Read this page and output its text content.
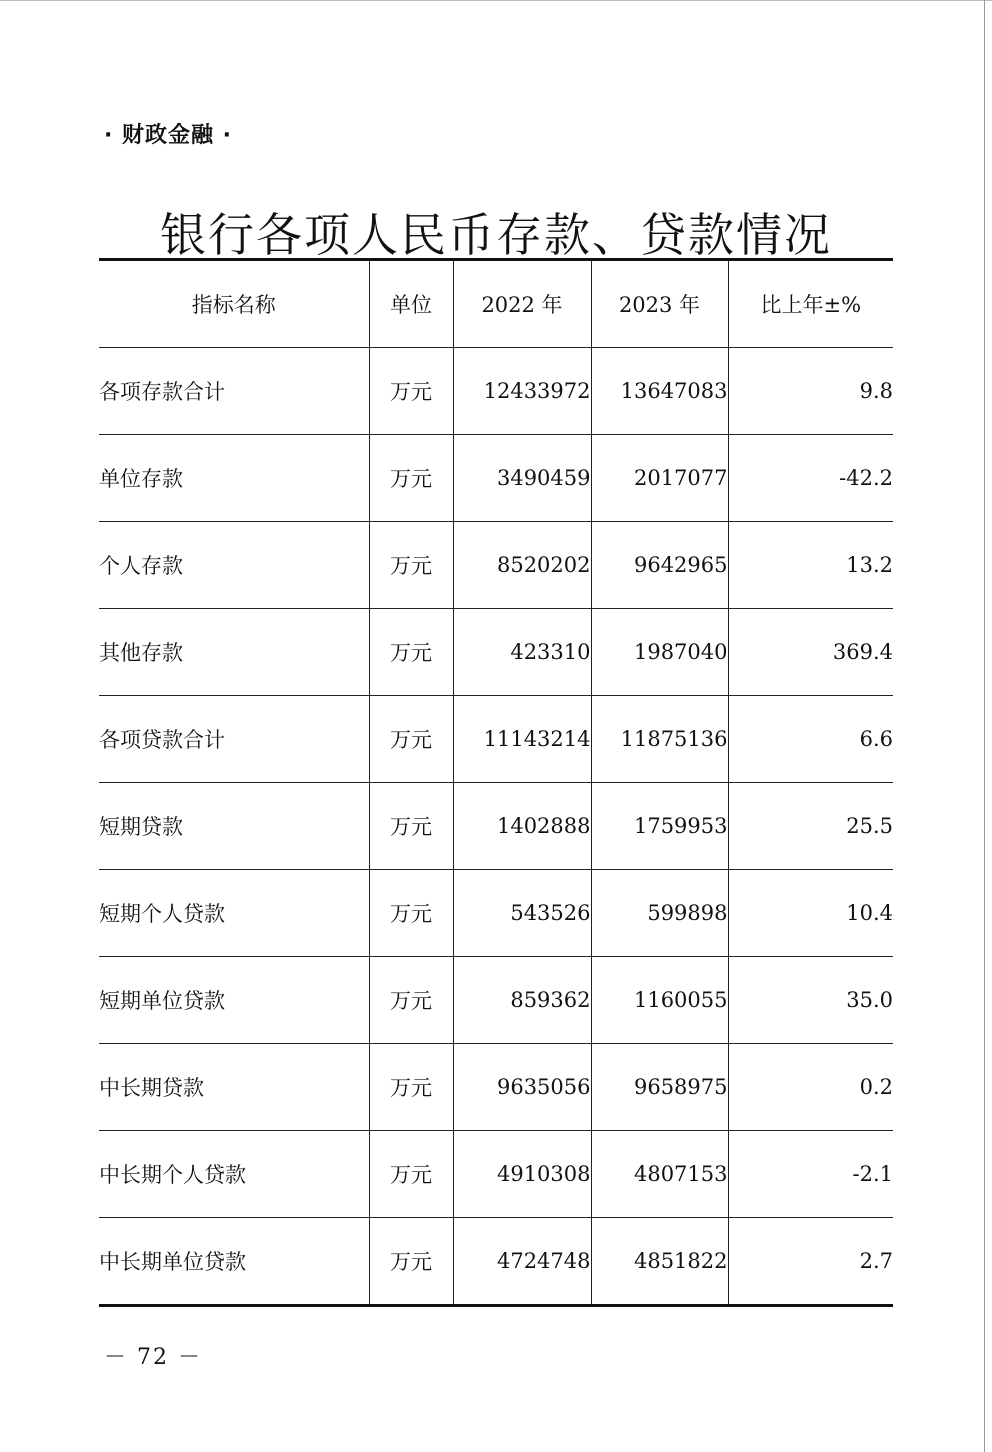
· 财政金融 ·
银行各项人民币存款、贷款情况
指标名称	单位	2022 年	2023 年	比上年±%
各项存款合计	万元	12433972	13647083	9.8
单位存款	万元	3490459	2017077	-42.2
个人存款	万元	8520202	9642965	13.2
其他存款	万元	423310	1987040	369.4
各项贷款合计	万元	11143214	11875136	6.6
短期贷款	万元	1402888	1759953	25.5
短期个人贷款	万元	543526	599898	10.4
短期单位贷款	万元	859362	1160055	35.0
中长期贷款	万元	9635056	9658975	0.2
中长期个人贷款	万元	4910308	4807153	-2.1
中长期单位贷款	万元	4724748	4851822	2.7
－ 72 －
